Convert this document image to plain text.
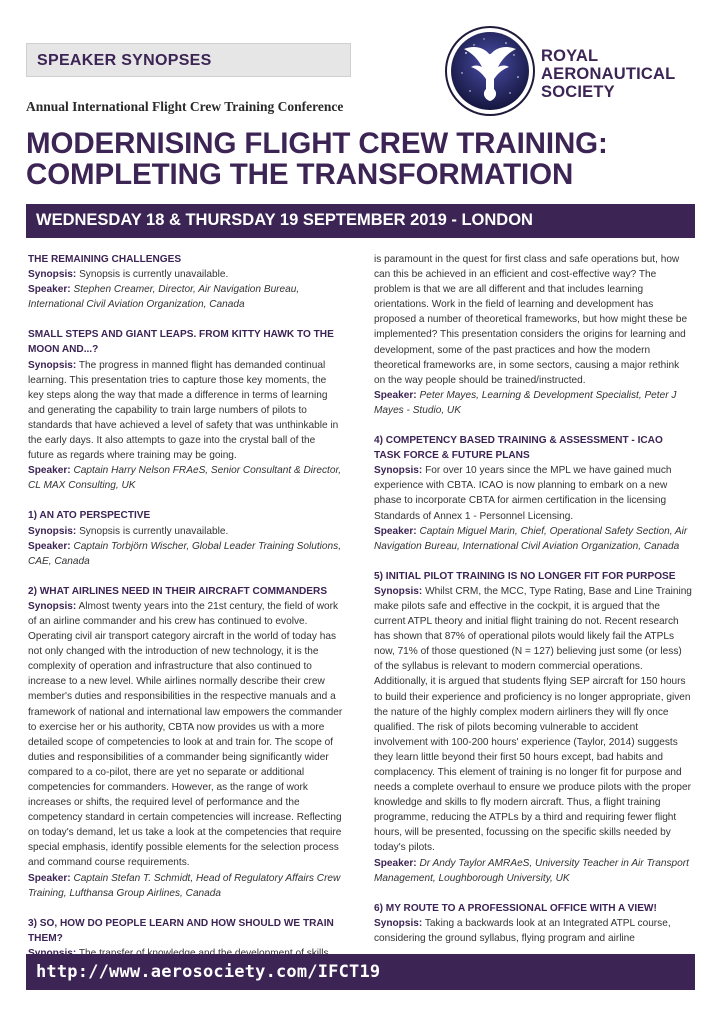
SPEAKER SYNOPSES	ROYAL
AERONAUTICAL
SOCIETY
Annual International Flight Crew Training Conference
MODERNISING FLIGHT CREW TRAINING:
COMPLETING THE TRANSFORMATION
WEDNESDAY 18 & THURSDAY 19 SEPTEMBER 2019 - LONDON

THE REMAINING CHALLENGES

Synopsis: Synopsis is currently unavailable.

Speaker: Stephen Creamer, Director, Air Navigation Bureau, International Civil Aviation Organization, Canada

SMALL STEPS AND GIANT LEAPS. FROM KITTY HAWK TO THE MOON AND...?

Synopsis: The progress in manned flight has demanded continual learning. This presentation tries to capture those key moments, the key steps along the way that made a difference in terms of learning and generating the capability to train large numbers of pilots to standards that have achieved a level of safety that was unthinkable in the early days. It also attempts to gaze into the crystal ball of the future as regards where training may be going.

Speaker: Captain Harry Nelson FRAeS, Senior Consultant & Director, CL MAX Consulting, UK

1) AN ATO PERSPECTIVE

Synopsis: Synopsis is currently unavailable.

Speaker: Captain Torbjörn Wischer, Global Leader Training Solutions, CAE, Canada

2) WHAT AIRLINES NEED IN THEIR AIRCRAFT COMMANDERS

Synopsis: Almost twenty years into the 21st century, the field of work of an airline commander and his crew has continued to evolve. Operating civil air transport category aircraft in the world of today has not only changed with the introduction of new technology, it is the complexity of operation and infrastructure that also continued to increase to a new level. While airlines normally describe their crew member's duties and responsibilities in the respective manuals and a framework of national and international law empowers the commander to exercise her or his authority, CBTA now provides us with a more detailed scope of competencies to look at and train for. The scope of duties and responsibilities of a commander being significantly wider compared to a co-pilot, there are yet no separate or additional competencies for commanders. However, as the range of work increases or shifts, the required level of performance and the competency standard in certain competencies will increase. Reflecting on today's demand, let us take a look at the competencies that require special emphasis, identify possible elements for the selection process and command course requirements.

Speaker: Captain Stefan T. Schmidt, Head of Regulatory Affairs Crew Training, Lufthansa Group Airlines, Canada

3) SO, HOW DO PEOPLE LEARN AND HOW SHOULD WE TRAIN THEM?

is paramount in the quest for first class and safe operations but, how can this be achieved in an efficient and cost-effective way? The problem is that we are all different and that includes learning orientations. Work in the field of learning and development has proposed a number of theoretical frameworks, but how might these be implemented? This presentation considers the origins for learning and development, some of the past practices and how the modern theoretical frameworks are, in some sectors, causing a major rethink on the way people should be trained/instructed.

Speaker: Peter Mayes, Learning & Development Specialist, Peter J Mayes - Studio, UK

4) COMPETENCY BASED TRAINING & ASSESSMENT - ICAO TASK FORCE & FUTURE PLANS

Synopsis: For over 10 years since the MPL we have gained much experience with CBTA. ICAO is now planning to embark on a new phase to incorporate CBTA for airmen certification in the licensing Standards of Annex 1 - Personnel Licensing.

Speaker: Captain Miguel Marin, Chief, Operational Safety Section, Air Navigation Bureau, International Civil Aviation Organization, Canada

5) INITIAL PILOT TRAINING IS NO LONGER FIT FOR PURPOSE

Synopsis: Whilst CRM, the MCC, Type Rating, Base and Line Training make pilots safe and effective in the cockpit, it is argued that the current ATPL theory and initial flight training do not. Recent research has shown that 87% of operational pilots would likely fail the ATPLs now, 71% of those questioned (N = 127) believing just some (or less) of the syllabus is relevant to modern commercial operations. Additionally, it is argued that students flying SEP aircraft for 150 hours to build their experience and proficiency is no longer appropriate, given the nature of the highly complex modern airliners they will fly once qualified. The risk of pilots becoming vulnerable to accident involvement with 100-200 hours' experience (Taylor, 2014) suggests they learn little beyond their first 50 hours except, bad habits and complacency. This element of training is no longer fit for purpose and needs a complete overhaul to ensure we produce pilots with the proper knowledge and skills to fly modern aircraft. Thus, a flight training programme, reducing the ATPLs by a third and requiring fewer flight hours, will be presented, focussing on the specific skills needed by today's pilots.

Speaker: Dr Andy Taylor AMRAeS, University Teacher in Air Transport Management, Loughborough University, UK

6) MY ROUTE TO A PROFESSIONAL OFFICE WITH A VIEW!

Synopsis: Taking a backwards look at an Integrated ATPL course, considering the ground syllabus, flying program and airline

http://www.aerosociety.com/IFCT19
